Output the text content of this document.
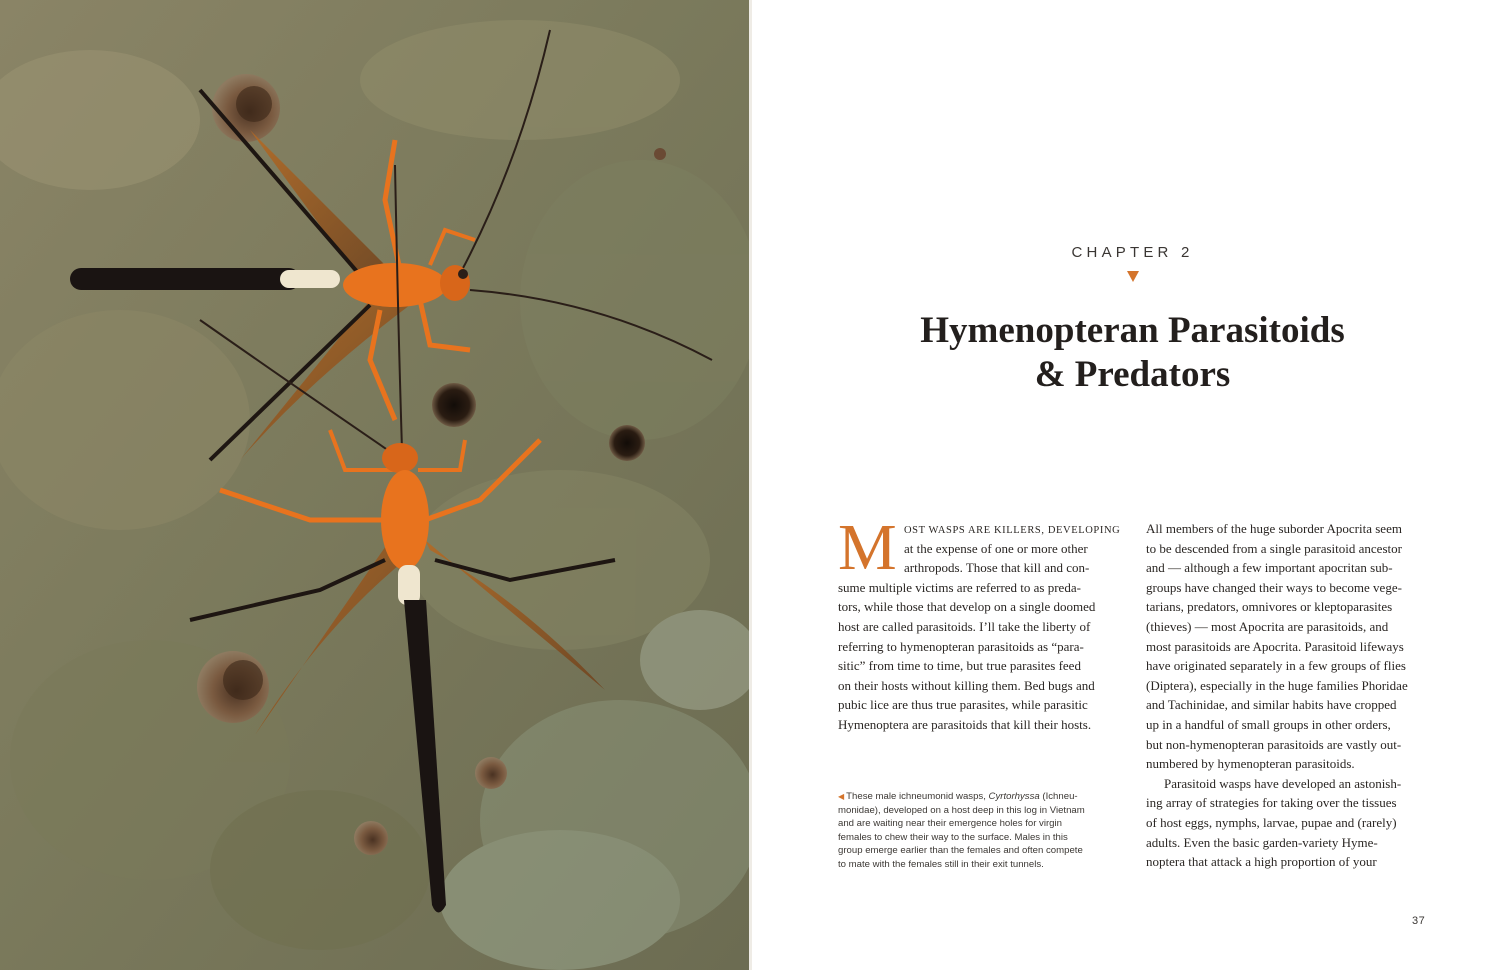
CHAPTER 2
Hymenopteran Parasitoids
& Predators
M OST WASPS ARE KILLERS, DEVELOPING
at the expense of one or more other
arthropods. Those that kill and con-
sume multiple victims are referred to as preda-
tors, while those that develop on a single doomed
host are called parasitoids. I’ll take the liberty of
referring to hymenopteran parasitoids as “para-
sitic” from time to time, but true parasites feed
on their hosts without killing them. Bed bugs and
pubic lice are thus true parasites, while parasitic
Hymenoptera are parasitoids that kill their hosts.
All members of the huge suborder Apocrita seem
to be descended from a single parasitoid ancestor
and — although a few important apocritan sub-
groups have changed their ways to become vege-
tarians, predators, omnivores or kleptoparasites
(thieves) — most Apocrita are parasitoids, and
most parasitoids are Apocrita. Parasitoid lifeways
have originated separately in a few groups of flies
(Diptera), especially in the huge families Phoridae
and Tachinidae, and similar habits have cropped
up in a handful of small groups in other orders,
but non-hymenopteran parasitoids are vastly out-
numbered by hymenopteran parasitoids.
Parasitoid wasps have developed an astonish-
ing array of strategies for taking over the tissues
of host eggs, nymphs, larvae, pupae and (rarely)
adults. Even the basic garden-variety Hyme-
noptera that attack a high proportion of your
◀ These male ichneumonid wasps, Cyrtorhyssa (Ichneu-
monidae), developed on a host deep in this log in Vietnam
and are waiting near their emergence holes for virgin
females to chew their way to the surface. Males in this
group emerge earlier than the females and often compete
to mate with the females still in their exit tunnels.
37
